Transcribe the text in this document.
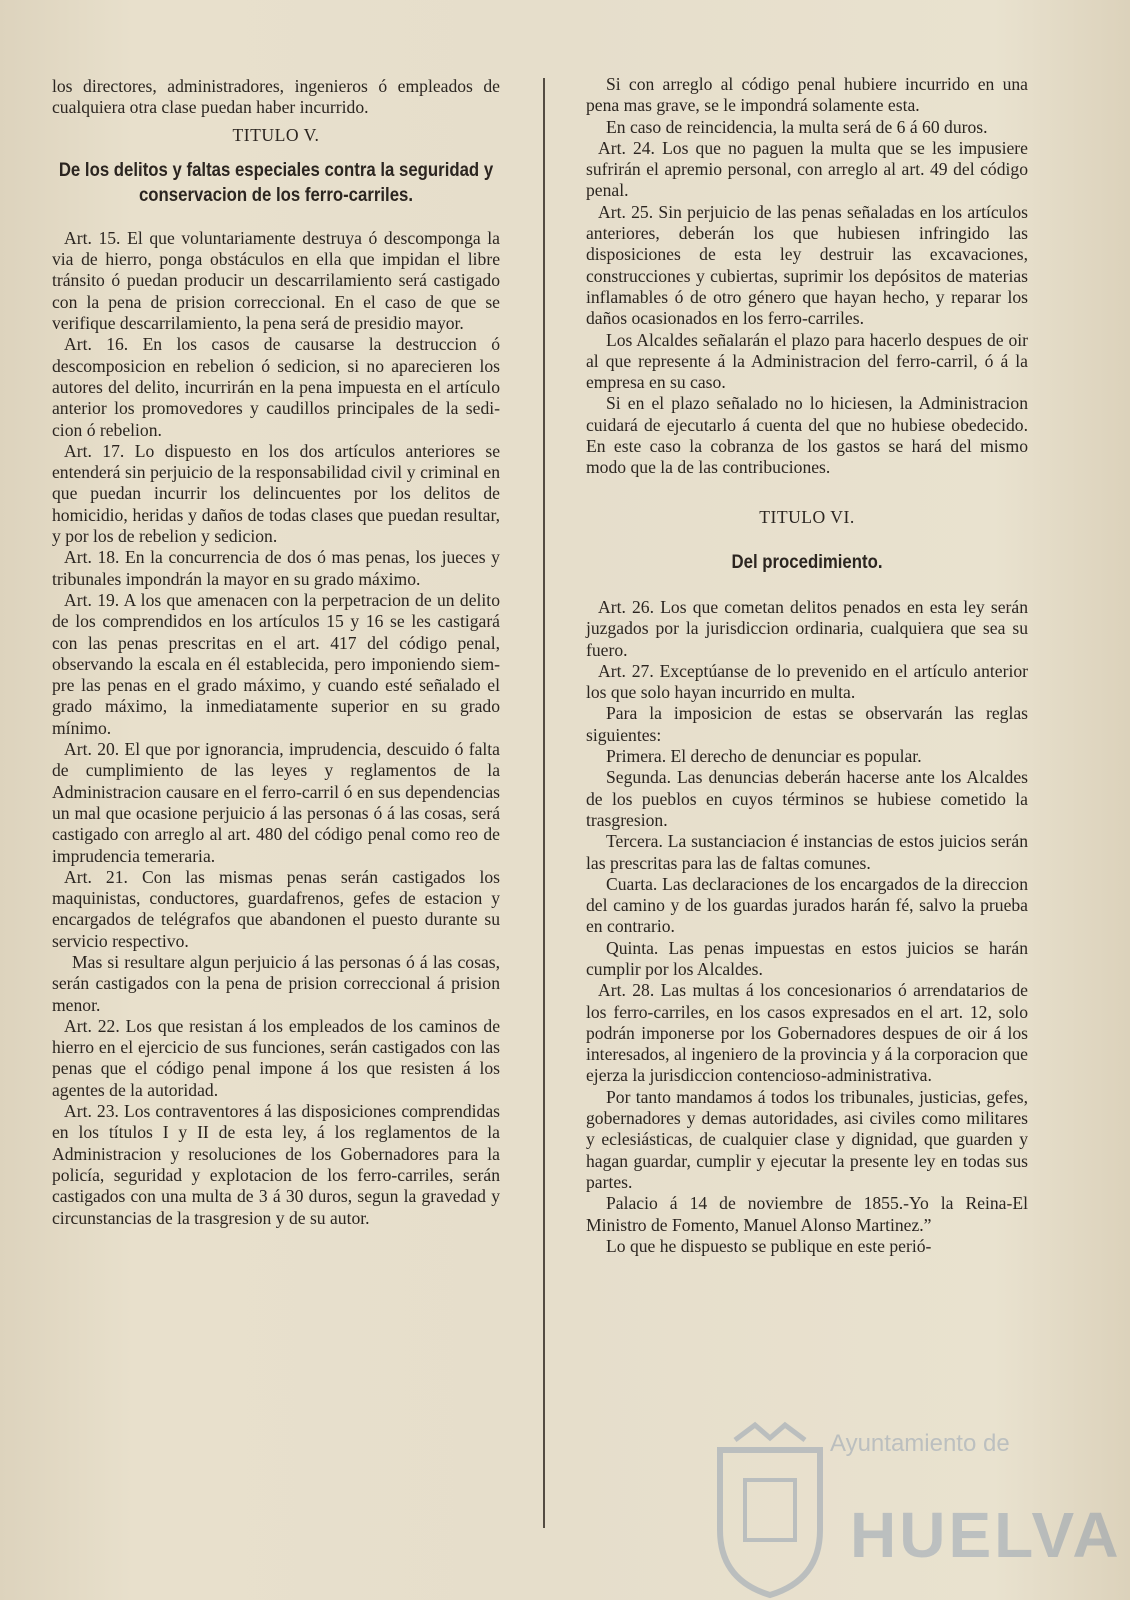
los directores, administradores, ingenieros ó empleados de cualquiera otra clase puedan haber incurrido.

TITULO V.

De los delitos y faltas especiales contra la seguridad y conservacion de los ferro-carriles.

Art. 15. El que voluntariamente destruya ó descomponga la via de hierro, ponga obstáculos en ella que impidan el libre tránsito ó puedan producir un descarrilamiento será castigado con la pena de prision correccional. En el caso de que se verifique descarrilamiento, la pena será de presidio mayor.

Art. 16. En los casos de causarse la destruccion ó descomposicion en rebelion ó sedicion, si no aparecieren los autores del delito, incurrirán en la pena impuesta en el artículo anterior los promovedores y caudillos principales de la sedicion ó rebelion.

Art. 17. Lo dispuesto en los dos artículos anteriores se entenderá sin perjuicio de la responsabilidad civil y criminal en que puedan incurrir los delincuentes por los delitos de homicidio, heridas y daños de todas clases que puedan resultar, y por los de rebelion y sedicion.

Art. 18. En la concurrencia de dos ó mas penas, los jueces y tribunales impondrán la mayor en su grado máximo.

Art. 19. A los que amenacen con la perpetracion de un delito de los comprendidos en los artículos 15 y 16 se les castigará con las penas prescritas en el art. 417 del código penal, observando la escala en él establecida, pero imponiendo siempre las penas en el grado máximo, y cuando esté señalado el grado máximo, la inmediatamente superior en su grado mínimo.

Art. 20. El que por ignorancia, imprudencia, descuido ó falta de cumplimiento de las leyes y reglamentos de la Administracion causare en el ferro-carril ó en sus dependencias un mal que ocasione perjuicio á las personas ó á las cosas, será castigado con arreglo al art. 480 del código penal como reo de imprudencia temeraria.

Art. 21. Con las mismas penas serán castigados los maquinistas, conductores, guardafrenos, gefes de estacion y encargados de telégrafos que abandonen el puesto durante su servicio respectivo.

Mas si resultare algun perjuicio á las personas ó á las cosas, serán castigados con la pena de prision correccional á prision menor.

Art. 22. Los que resistan á los empleados de los caminos de hierro en el ejercicio de sus funciones, serán castigados con las penas que el código penal impone á los que resisten á los agentes de la autoridad.

Art. 23. Los contraventores á las disposiciones comprendidas en los títulos I y II de esta ley, á los reglamentos de la Administracion y resoluciones de los Gobernadores para la policía, seguridad y explotacion de los ferro-carriles, serán castigados con una multa de 3 á 30 duros, segun la gravedad y circunstancias de la trasgresion y de su autor.

Si con arreglo al código penal hubiere incurrido en una pena mas grave, se le impondrá solamente esta.

En caso de reincidencia, la multa será de 6 á 60 duros.

Art. 24. Los que no paguen la multa que se les impusiere sufrirán el apremio personal, con arreglo al art. 49 del código penal.

Art. 25. Sin perjuicio de las penas señaladas en los artículos anteriores, deberán los que hubiesen infringido las disposiciones de esta ley destruir las excavaciones, construcciones y cubiertas, suprimir los depósitos de materias inflamables ó de otro género que hayan hecho, y reparar los daños ocasionados en los ferro-carriles.

Los Alcaldes señalarán el plazo para hacerlo despues de oir al que represente á la Administracion del ferro-carril, ó á la empresa en su caso.

Si en el plazo señalado no lo hiciesen, la Administracion cuidará de ejecutarlo á cuenta del que no hubiese obedecido. En este caso la cobranza de los gastos se hará del mismo modo que la de las contribuciones.

TITULO VI.

Del procedimiento.

Art. 26. Los que cometan delitos penados en esta ley serán juzgados por la jurisdiccion ordinaria, cualquiera que sea su fuero.

Art. 27. Exceptúanse de lo prevenido en el artículo anterior los que solo hayan incurrido en multa.

Para la imposicion de estas se observarán las reglas siguientes:

Primera. El derecho de denunciar es popular.

Segunda. Las denuncias deberán hacerse ante los Alcaldes de los pueblos en cuyos términos se hubiese cometido la trasgresion.

Tercera. La sustanciacion é instancias de estos juicios serán las prescritas para las de faltas comunes.

Cuarta. Las declaraciones de los encargados de la direccion del camino y de los guardas jurados harán fé, salvo la prueba en contrario.

Quinta. Las penas impuestas en estos juicios se harán cumplir por los Alcaldes.

Art. 28. Las multas á los concesionarios ó arrendatarios de los ferro-carriles, en los casos expresados en el art. 12, solo podrán imponerse por los Gobernadores despues de oir á los interesados, al ingeniero de la provincia y á la corporacion que ejerza la jurisdiccion contencioso-administrativa.

Por tanto mandamos á todos los tribunales, justicias, gefes, gobernadores y demas autoridades, asi civiles como militares y eclesiásticas, de cualquier clase y dignidad, que guarden y hagan guardar, cumplir y ejecutar la presente ley en todas sus partes.

Palacio á 14 de noviembre de 1855.-Yo la Reina-El Ministro de Fomento, Manuel Alonso Martinez.”

Lo que he dispuesto se publique en este perió-

Ayuntamiento de
HUELVA
